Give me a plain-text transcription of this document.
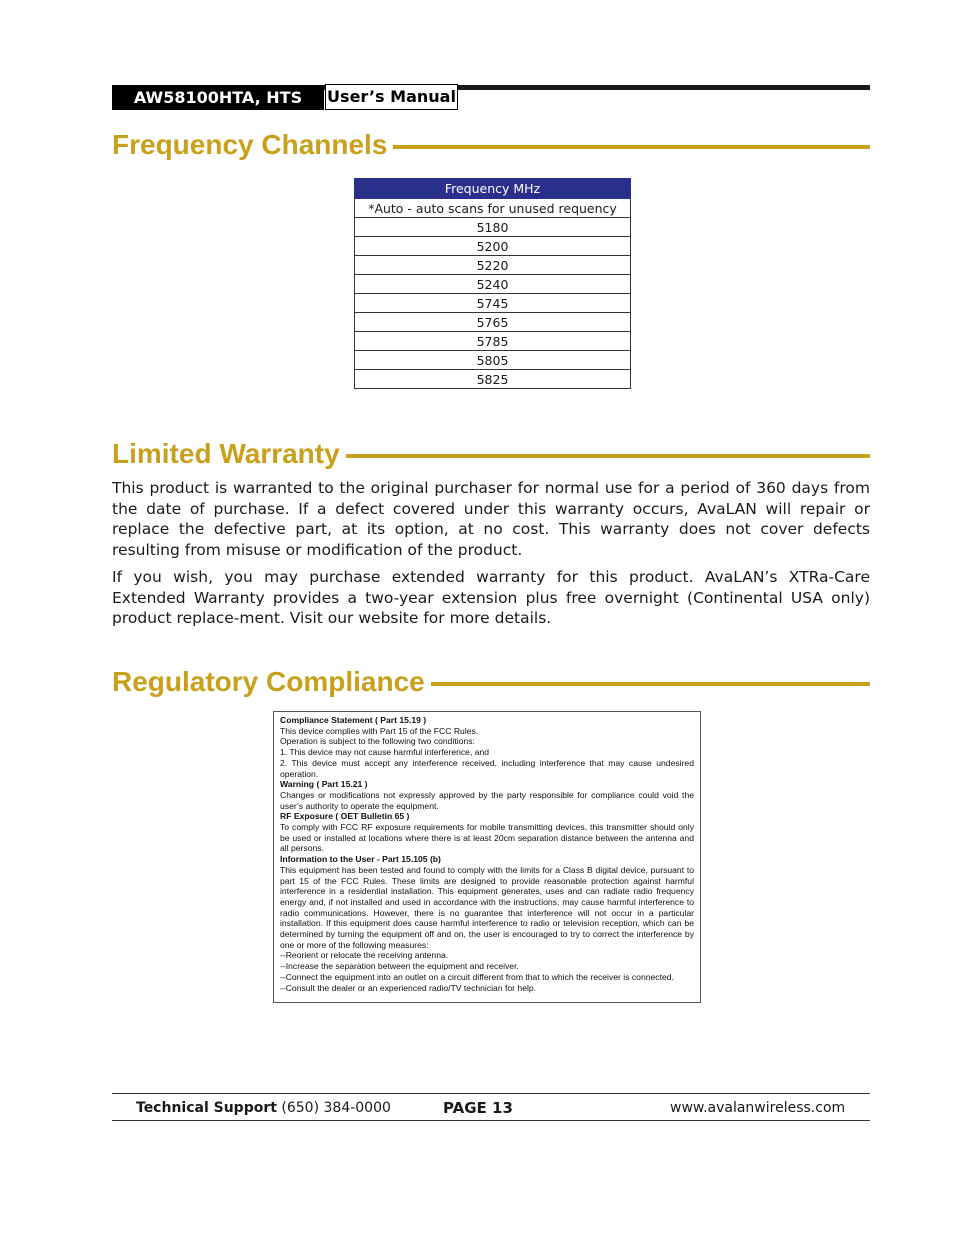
AW58100HTA, HTS	User’s Manual
Frequency Channels
Frequency MHz
*Auto - auto scans for unused requency
5180
5200
5220
5240
5745
5765
5785
5805
5825
Limited Warranty

This product is warranted to the original purchaser for normal use for a period of 360 days from the date of purchase. If a defect covered under this warranty occurs, AvaLAN will repair or replace the defective part, at its option, at no cost. This warranty does not cover defects resulting from misuse or modification of the product.

If you wish, you may purchase extended warranty for this product. AvaLAN’s XTRa-Care Extended Warranty provides a two-year extension plus free overnight (Continental USA only) product replace-ment. Visit our website for more details.

Regulatory Compliance

Compliance Statement ( Part 15.19 )

This device complies with Part 15 of the FCC Rules.

Operation is subject to the following two conditions:

1. This device may not cause harmful interference, and

2. This device must accept any interference received, including interference that may cause undesired operation.

Warning ( Part 15.21 )

Changes or modifications not expressly approved by the party responsible for compliance could void the user’s authority to operate the equipment.

RF Exposure ( OET Bulletin 65 )

To comply with FCC RF exposure requirements for mobile transmitting devices, this transmitter should only be used or installed at locations where there is at least 20cm separation distance between the antenna and all persons.

Information to the User - Part 15.105 (b)

This equipment has been tested and found to comply with the limits for a Class B digital device, pursuant to part 15 of the FCC Rules. These limits are designed to provide reasonable protection against harmful interference in a residential installation. This equipment generates, uses and can radiate radio frequency energy and, if not installed and used in accordance with the instructions, may cause harmful interference to radio communications. However, there is no guarantee that interference will not occur in a particular installation. If this equipment does cause harmful interference to radio or television reception, which can be determined by turning the equipment off and on, the user is encouraged to try to correct the interference by one or more of the following measures:

--Reorient or relocate the receiving antenna.

--Increase the separation between the equipment and receiver.

--Connect the equipment into an outlet on a circuit different from that to which the receiver is connected.

--Consult the dealer or an experienced radio/TV technician for help.

Technical Support (650) 384-0000	PAGE 13	www.avalanwireless.com
